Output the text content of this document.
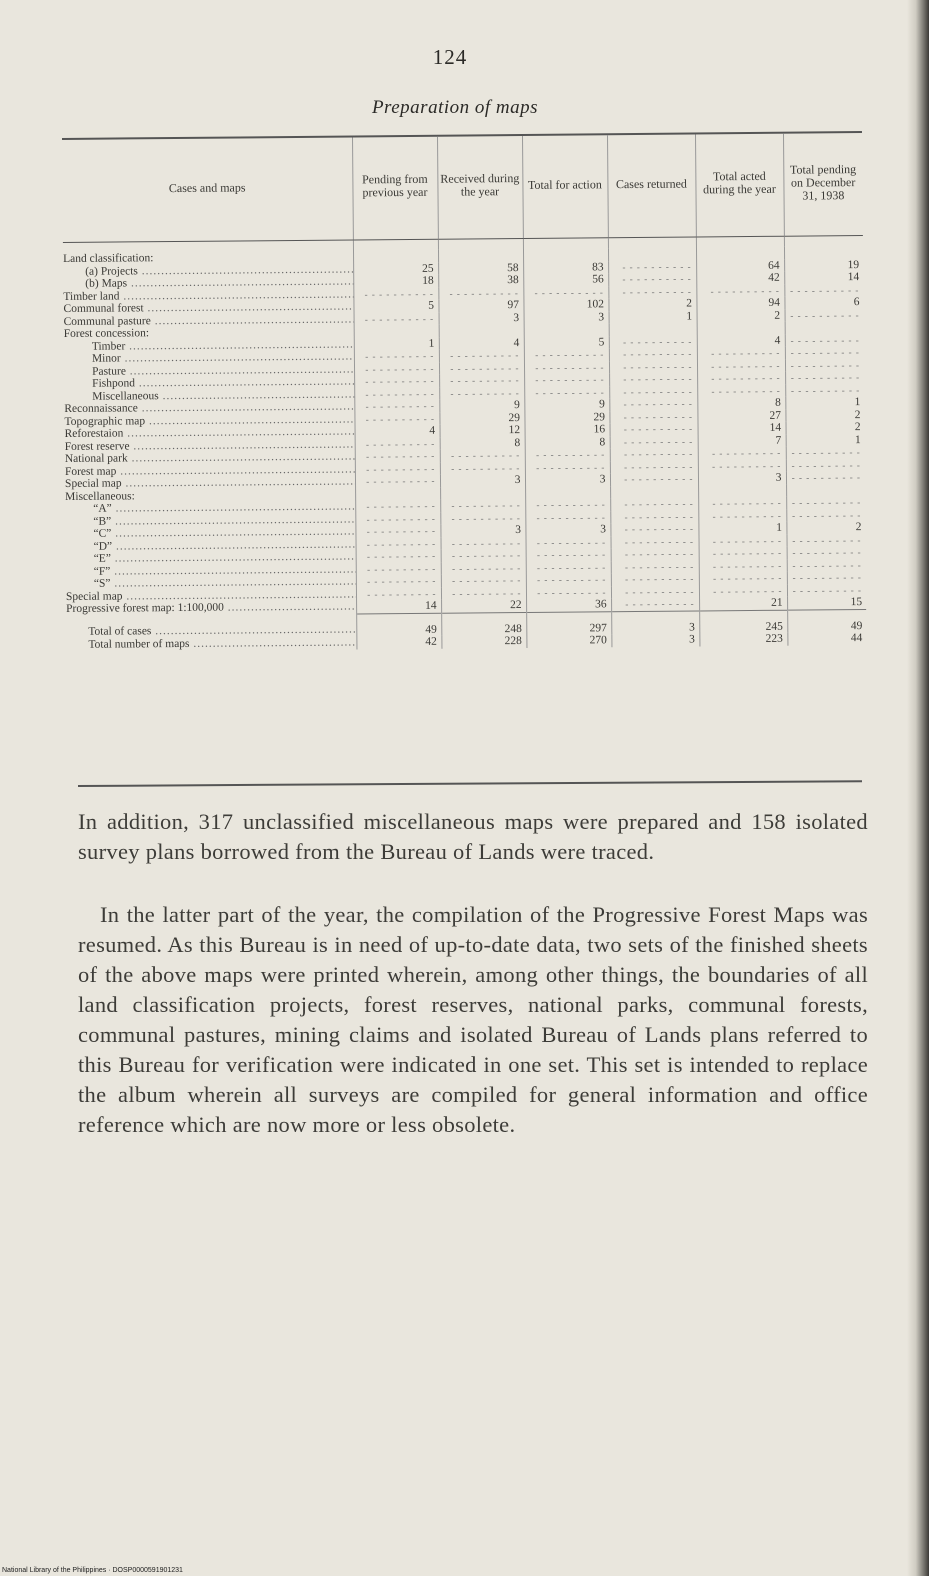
124
Preparation of maps
Cases and maps	Pending from previous year	Received during the year	Total for action	Cases returned	Total acted during the year	Total pending on December 31, 1938

Land classification:						
(a) Projects .....	25	58	83	- - -	64	19
(b) Maps .....	18	38	56	- - -	42	14
Timber land .....	- - -	- - -	- - -	- - -	- - -	- - -
Communal forest .....	5	97	102	2	94	6
Communal pasture .....	- - -	3	3	1	2	- - -
Forest concession:						
Timber .....	1	4	5	- - -	4	- - -
Minor .....	- - -	- - -	- - -	- - -	- - -	- - -
Pasture .....	- - -	- - -	- - -	- - -	- - -	- - -
Fishpond .....	- - -	- - -	- - -	- - -	- - -	- - -
Miscellaneous .....	- - -	- - -	- - -	- - -	- - -	- - -
Reconnaissance .....	- - -	9	9	- - -	8	1
Topographic map .....	- - -	29	29	- - -	27	2
Reforestaion .....	4	12	16	- - -	14	2
Forest reserve .....	- - -	8	8	- - -	7	1
National park .....	- - -	- - -	- - -	- - -	- - -	- - -
Forest map .....	- - -	- - -	- - -	- - -	- - -	- - -
Special map .....	- - -	3	3	- - -	3	- - -
Miscellaneous:						
“A” .....	- - -	- - -	- - -	- - -	- - -	- - -
“B” .....	- - -	- - -	- - -	- - -	- - -	- - -
“C” .....	- - -	3	3	- - -	1	2
“D” .....	- - -	- - -	- - -	- - -	- - -	- - -
“E” .....	- - -	- - -	- - -	- - -	- - -	- - -
“F” .....	- - -	- - -	- - -	- - -	- - -	- - -
“S” .....	- - -	- - -	- - -	- - -	- - -	- - -
Special map .....	- - -	- - -	- - -	- - -	- - -	- - -
Progressive forest map: 1:100,000 .....	14	22	36	- - -	21	15
Total of cases .....	49	248	297	3	245	49
Total number of maps .....	42	228	270	3	223	44
In addition, 317 unclassified miscellaneous maps were prepared and 158 isolated survey plans borrowed from the Bureau of Lands were traced.
In the latter part of the year, the compilation of the Progressive Forest Maps was resumed. As this Bureau is in need of up-to-date data, two sets of the finished sheets of the above maps were printed wherein, among other things, the boundaries of all land classification projects, forest reserves, national parks, communal forests, communal pastures, mining claims and isolated Bureau of Lands plans referred to this Bureau for verification were indicated in one set. This set is intended to replace the album wherein all surveys are compiled for general information and office reference which are now more or less obsolete.
National Library of the Philippines · DOSP0000591901231
